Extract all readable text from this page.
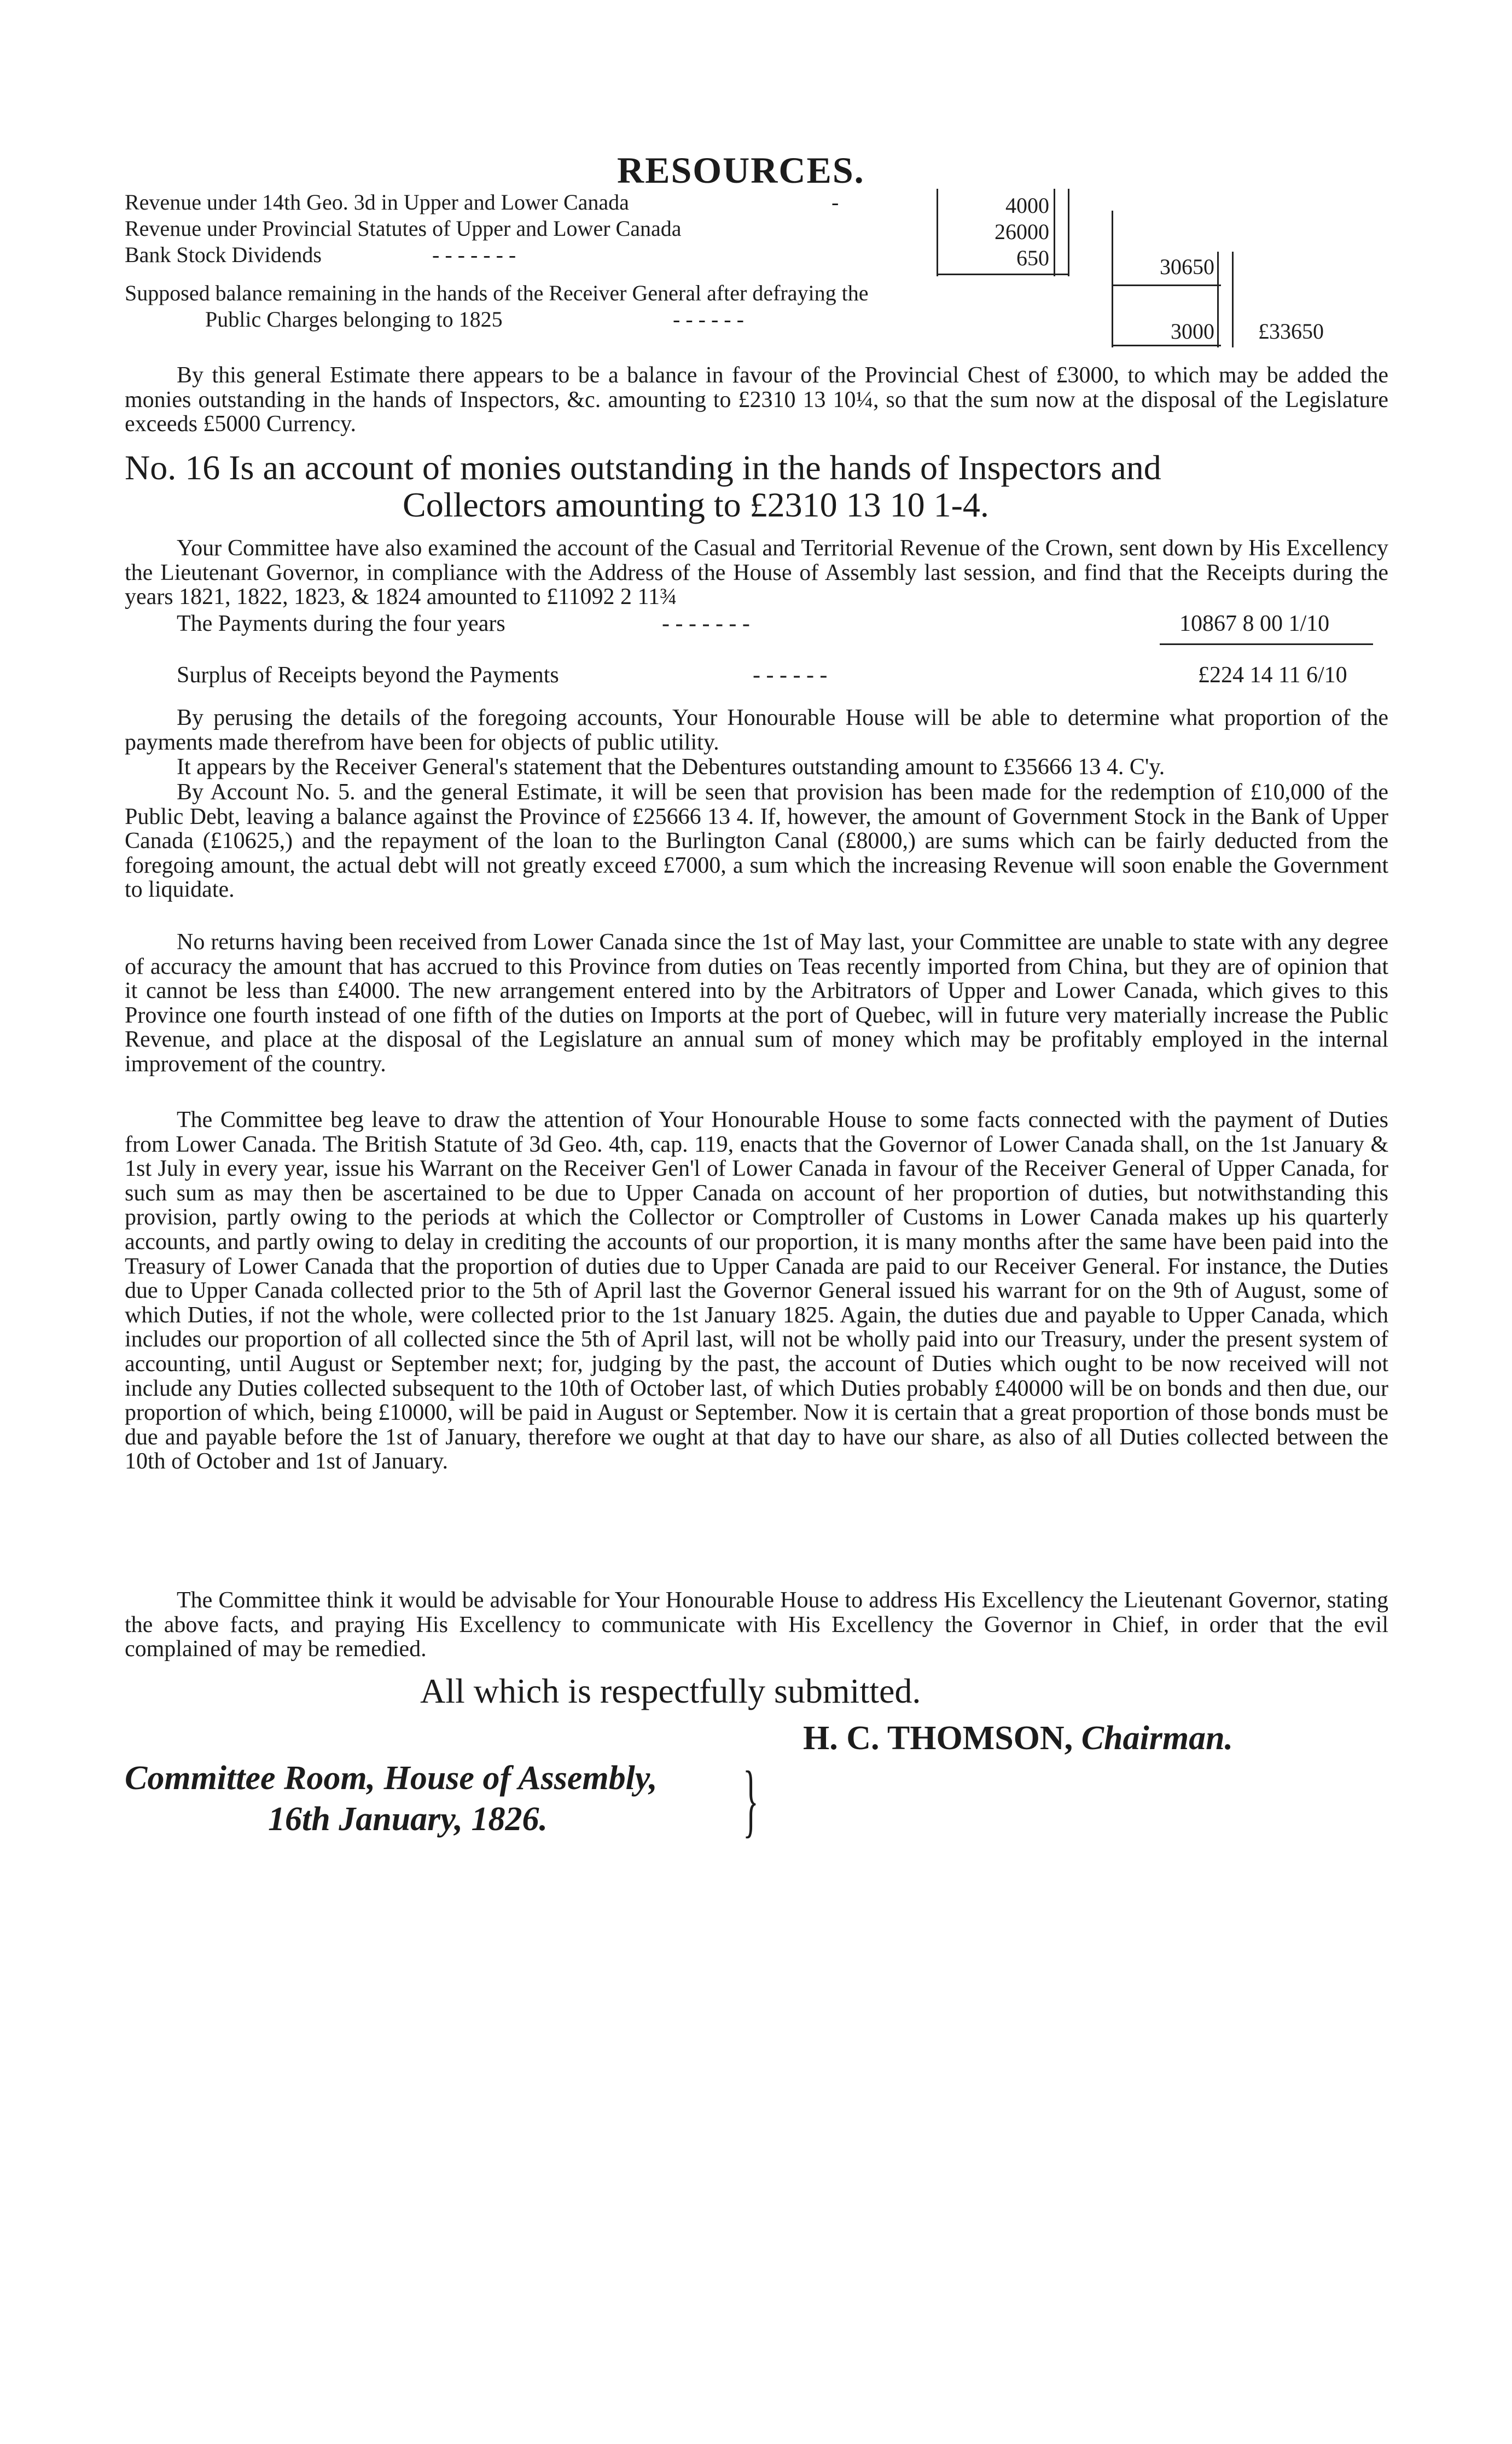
RESOURCES.
Revenue under 14th Geo. 3d in Upper and Lower Canada	-	4000
Revenue under Provincial Statutes of Upper and Lower Canada	26000
Bank Stock Dividends	- - - - - - -	650	30650
Supposed balance remaining in the hands of the Receiver General after defraying the
Public Charges belonging to 1825	- - - - - -	3000 £33650

By this general Estimate there appears to be a balance in favour of the Provincial Chest of £3000, to which may be added the monies outstanding in the hands of Inspectors, &c. amounting to £2310 13 10¼, so that the sum now at the disposal of the Legislature exceeds £5000 Currency.

No. 16 Is an account of monies outstanding in the hands of Inspectors and
Collectors amounting to £2310 13 10 1-4.

Your Committee have also examined the account of the Casual and Territorial Revenue of the Crown, sent down by His Excellency the Lieutenant Governor, in compliance with the Address of the House of Assembly last session, and find that the Receipts during the years 1821, 1822, 1823, & 1824 amounted to £11092 2 11¾

The Payments during the four years	- - - - - - -	10867 8 00 1/10
Surplus of Receipts beyond the Payments	- - - - - -	£224 14 11 6/10

By perusing the details of the foregoing accounts, Your Honourable House will be able to determine what proportion of the payments made therefrom have been for objects of public utility.

It appears by the Receiver General's statement that the Debentures outstanding amount to £35666 13 4. C'y.

By Account No. 5. and the general Estimate, it will be seen that provision has been made for the redemption of £10,000 of the Public Debt, leaving a balance against the Province of £25666 13 4. If, however, the amount of Government Stock in the Bank of Upper Canada (£10625,) and the repayment of the loan to the Burlington Canal (£8000,) are sums which can be fairly deducted from the foregoing amount, the actual debt will not greatly exceed £7000, a sum which the increasing Revenue will soon enable the Government to liquidate.

No returns having been received from Lower Canada since the 1st of May last, your Committee are unable to state with any degree of accuracy the amount that has accrued to this Province from duties on Teas recently imported from China, but they are of opinion that it cannot be less than £4000. The new arrangement entered into by the Arbitrators of Upper and Lower Canada, which gives to this Province one fourth instead of one fifth of the duties on Imports at the port of Quebec, will in future very materially increase the Public Revenue, and place at the disposal of the Legislature an annual sum of money which may be profitably employed in the internal improvement of the country.

The Committee beg leave to draw the attention of Your Honourable House to some facts connected with the payment of Duties from Lower Canada. The British Statute of 3d Geo. 4th, cap. 119, enacts that the Governor of Lower Canada shall, on the 1st January & 1st July in every year, issue his Warrant on the Receiver Gen'l of Lower Canada in favour of the Receiver General of Upper Canada, for such sum as may then be ascertained to be due to Upper Canada on account of her proportion of duties, but notwithstanding this provision, partly owing to the periods at which the Collector or Comptroller of Customs in Lower Canada makes up his quarterly accounts, and partly owing to delay in crediting the accounts of our proportion, it is many months after the same have been paid into the Treasury of Lower Canada that the proportion of duties due to Upper Canada are paid to our Receiver General. For instance, the Duties due to Upper Canada collected prior to the 5th of April last the Governor General issued his warrant for on the 9th of August, some of which Duties, if not the whole, were collected prior to the 1st January 1825. Again, the duties due and payable to Upper Canada, which includes our proportion of all collected since the 5th of April last, will not be wholly paid into our Treasury, under the present system of accounting, until August or September next; for, judging by the past, the account of Duties which ought to be now received will not include any Duties collected subsequent to the 10th of October last, of which Duties probably £40000 will be on bonds and then due, our proportion of which, being £10000, will be paid in August or September. Now it is certain that a great proportion of those bonds must be due and payable before the 1st of January, therefore we ought at that day to have our share, as also of all Duties collected between the 10th of October and 1st of January.

The Committee think it would be advisable for Your Honourable House to address His Excellency the Lieutenant Governor, stating the above facts, and praying His Excellency to communicate with His Excellency the Governor in Chief, in order that the evil complained of may be remedied.

All which is respectfully submitted.
H. C. THOMSON, Chairman.
Committee Room, House of Assembly,
16th January, 1826. }
